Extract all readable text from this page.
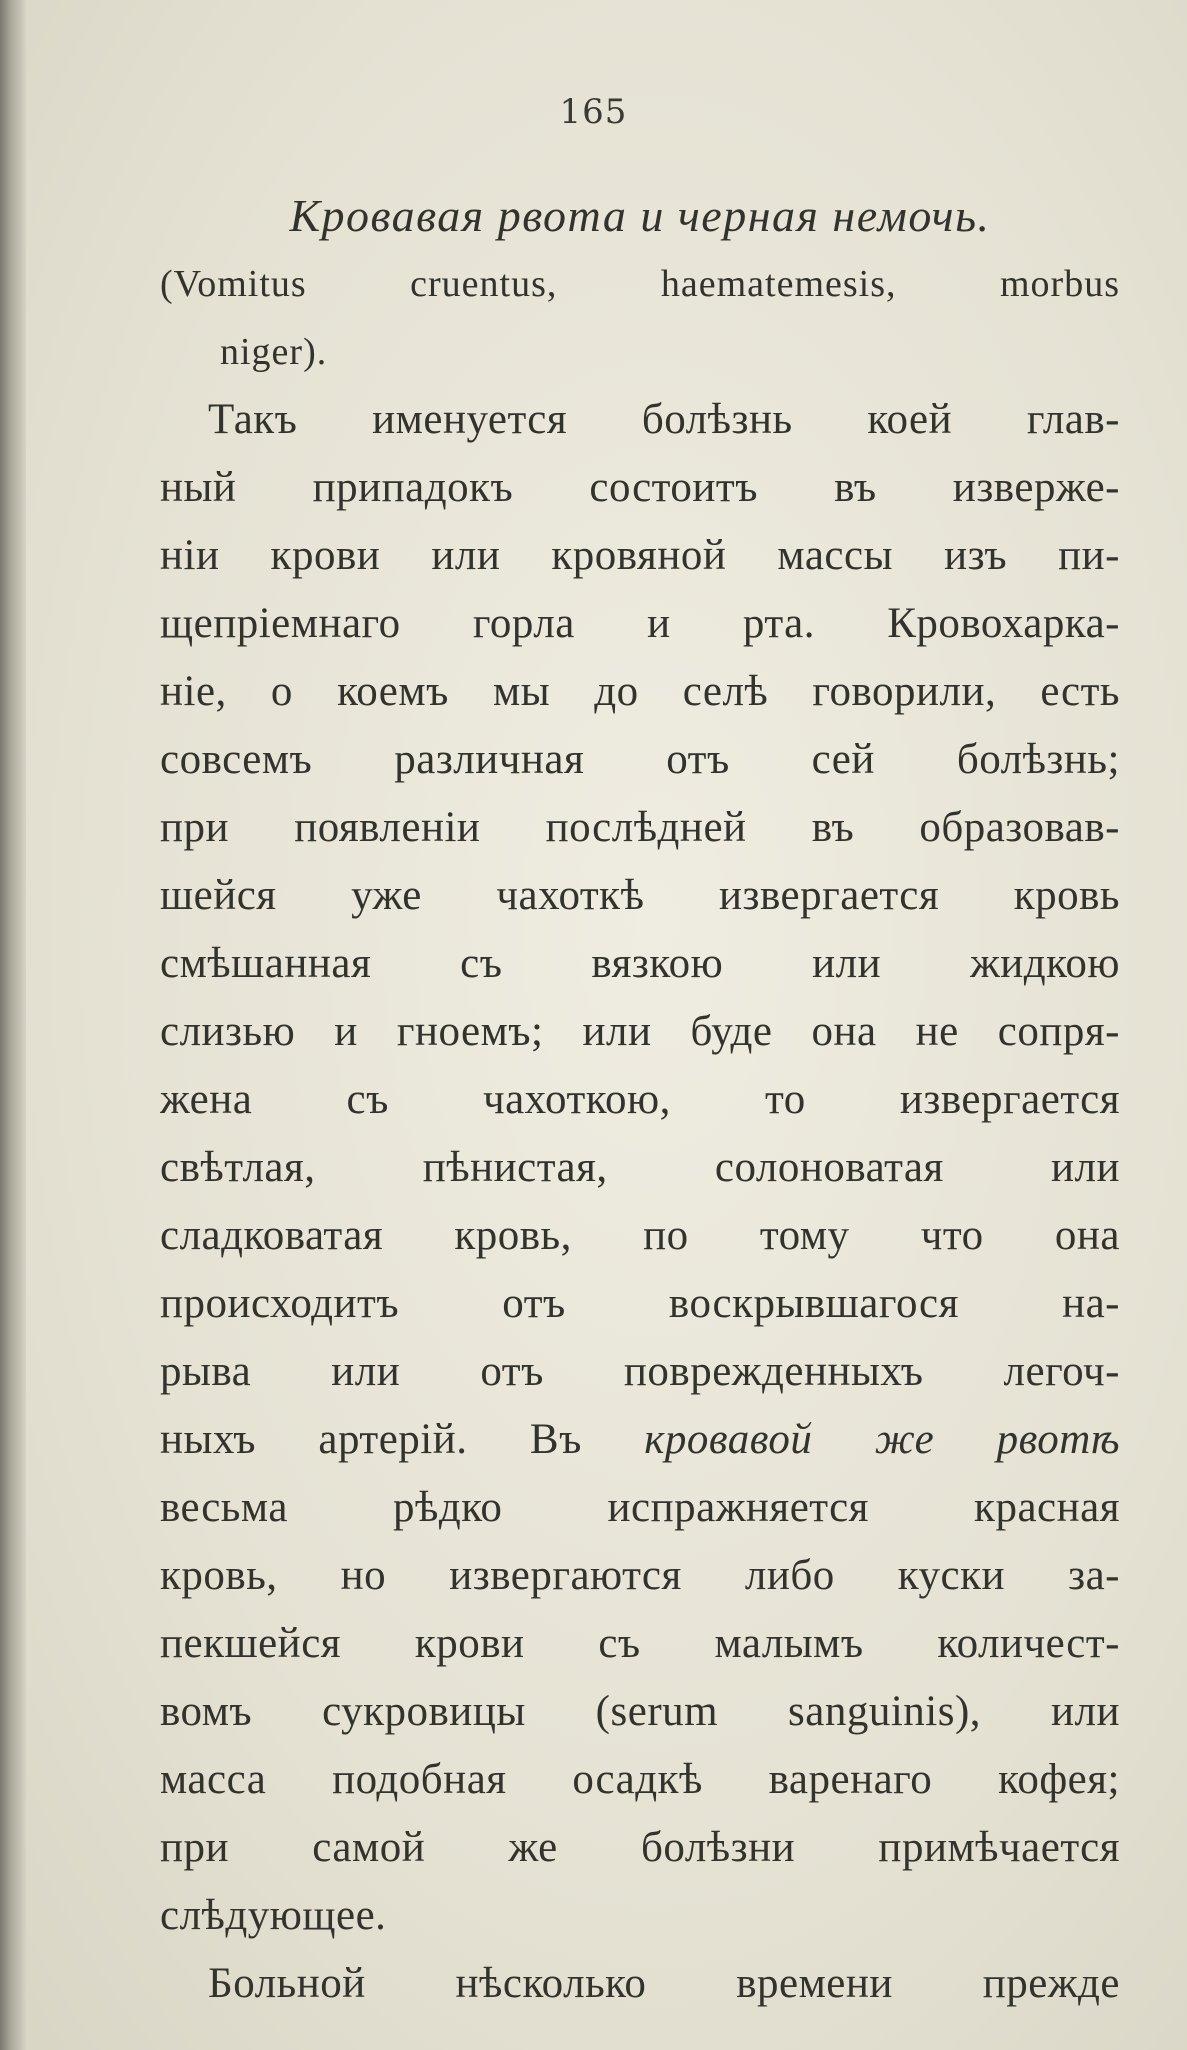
165
Кровавая рвота и черная немочь.
(Vomitus cruentus, haematemesis, morbus
niger).
Такъ именуется болѣзнь коей глав-
ный припадокъ состоитъ въ изверже-
нiи крови или кровяной массы изъ пи-
щепрiемнаго горла и рта. Кровохарка-
нiе, о коемъ мы до селѣ говорили, есть
совсемъ различная отъ сей болѣзнь;
при появленiи послѣдней въ образовав-
шейся уже чахоткѣ извергается кровь
смѣшанная съ вязкою или жидкою
слизью и гноемъ; или буде она не сопря-
жена съ чахоткою, то извергается
свѣтлая, пѣнистая, солоноватая или
сладковатая кровь, по тому что она
происходитъ отъ воскрывшагося на-
рыва или отъ поврежденныхъ легоч-
ныхъ артерiй. Въ кровавой же рвотѣ
весьма рѣдко испражняется красная
кровь, но извергаются либо куски за-
пекшейся крови съ малымъ количест-
вомъ сукровицы (serum sanguinis), или
масса подобная осадкѣ варенаго кофея;
при самой же болѣзни примѣчается
слѣдующее.
Больной нѣсколько времени прежде
